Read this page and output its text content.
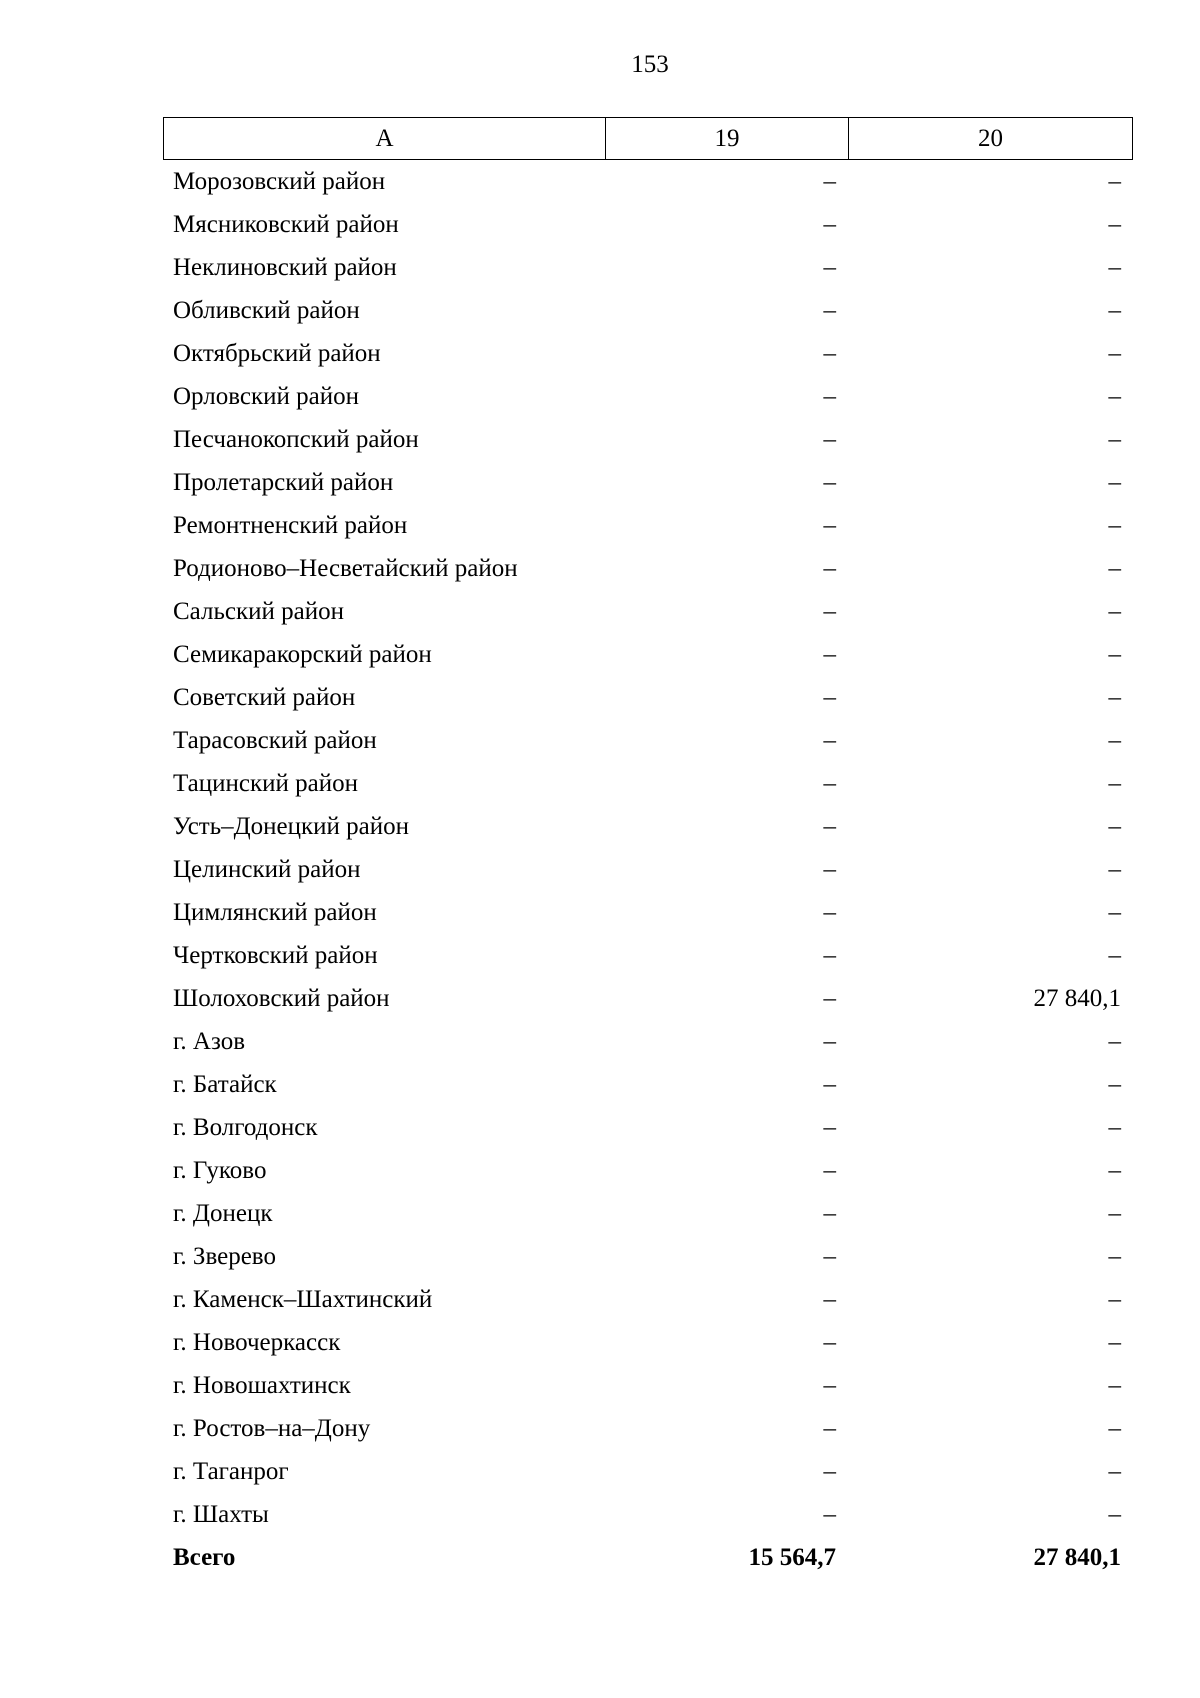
153
А	19	20
Морозовский район	–	–
Мясниковский район	–	–
Неклиновский район	–	–
Обливский район	–	–
Октябрьский район	–	–
Орловский район	–	–
Песчанокопский район	–	–
Пролетарский район	–	–
Ремонтненский район	–	–
Родионово–Несветайский район	–	–
Сальский район	–	–
Семикаракорский район	–	–
Советский район	–	–
Тарасовский район	–	–
Тацинский район	–	–
Усть–Донецкий район	–	–
Целинский район	–	–
Цимлянский район	–	–
Чертковский район	–	–
Шолоховский район	–	27 840,1
г. Азов	–	–
г. Батайск	–	–
г. Волгодонск	–	–
г. Гуково	–	–
г. Донецк	–	–
г. Зверево	–	–
г. Каменск–Шахтинский	–	–
г. Новочеркасск	–	–
г. Новошахтинск	–	–
г. Ростов–на–Дону	–	–
г. Таганрог	–	–
г. Шахты	–	–
Всего	15 564,7	27 840,1
